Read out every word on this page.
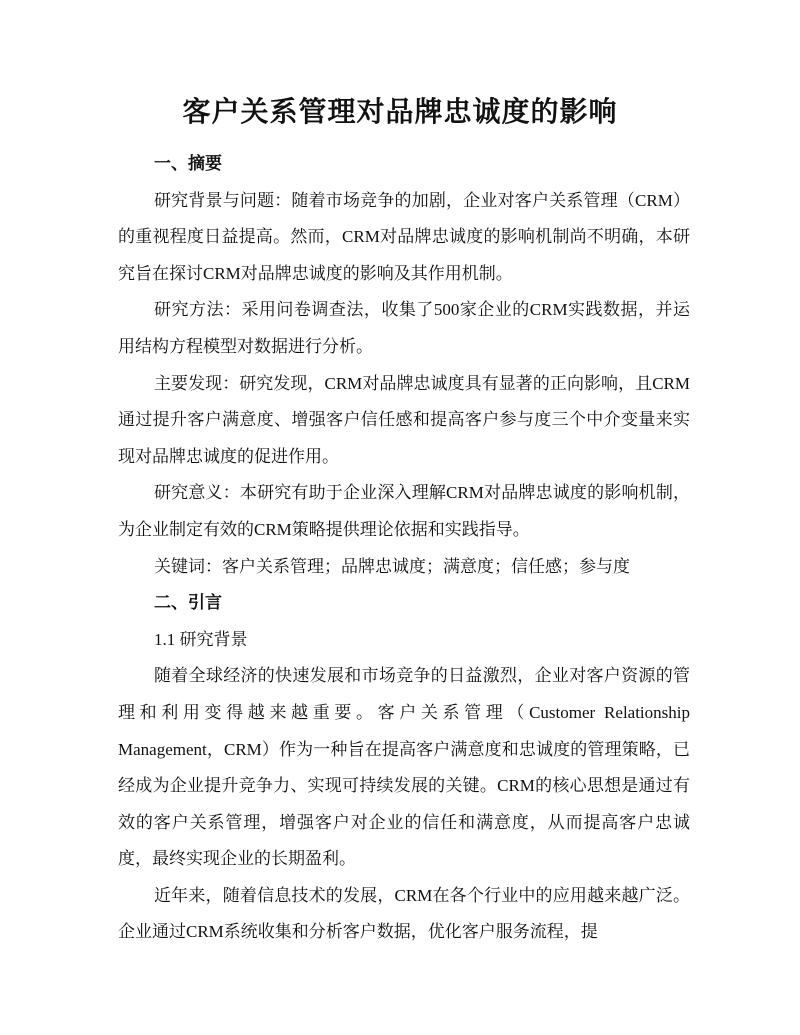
客户关系管理对品牌忠诚度的影响

一、摘要

研究背景与问题：随着市场竞争的加剧，企业对客户关系管理（CRM）的重视程度日益提高。然而，CRM对品牌忠诚度的影响机制尚不明确，本研究旨在探讨CRM对品牌忠诚度的影响及其作用机制。

研究方法：采用问卷调查法，收集了500家企业的CRM实践数据，并运用结构方程模型对数据进行分析。

主要发现：研究发现，CRM对品牌忠诚度具有显著的正向影响，且CRM通过提升客户满意度、增强客户信任感和提高客户参与度三个中介变量来实现对品牌忠诚度的促进作用。

研究意义：本研究有助于企业深入理解CRM对品牌忠诚度的影响机制，为企业制定有效的CRM策略提供理论依据和实践指导。

关键词：客户关系管理；品牌忠诚度；满意度；信任感；参与度

二、引言

1.1 研究背景

随着全球经济的快速发展和市场竞争的日益激烈，企业对客户资源的管理和利用变得越来越重要。客户关系管理（Customer Relationship Management，CRM）作为一种旨在提高客户满意度和忠诚度的管理策略，已经成为企业提升竞争力、实现可持续发展的关键。CRM的核心思想是通过有效的客户关系管理，增强客户对企业的信任和满意度，从而提高客户忠诚度，最终实现企业的长期盈利。

近年来，随着信息技术的发展，CRM在各个行业中的应用越来越广泛。企业通过CRM系统收集和分析客户数据，优化客户服务流程，提
